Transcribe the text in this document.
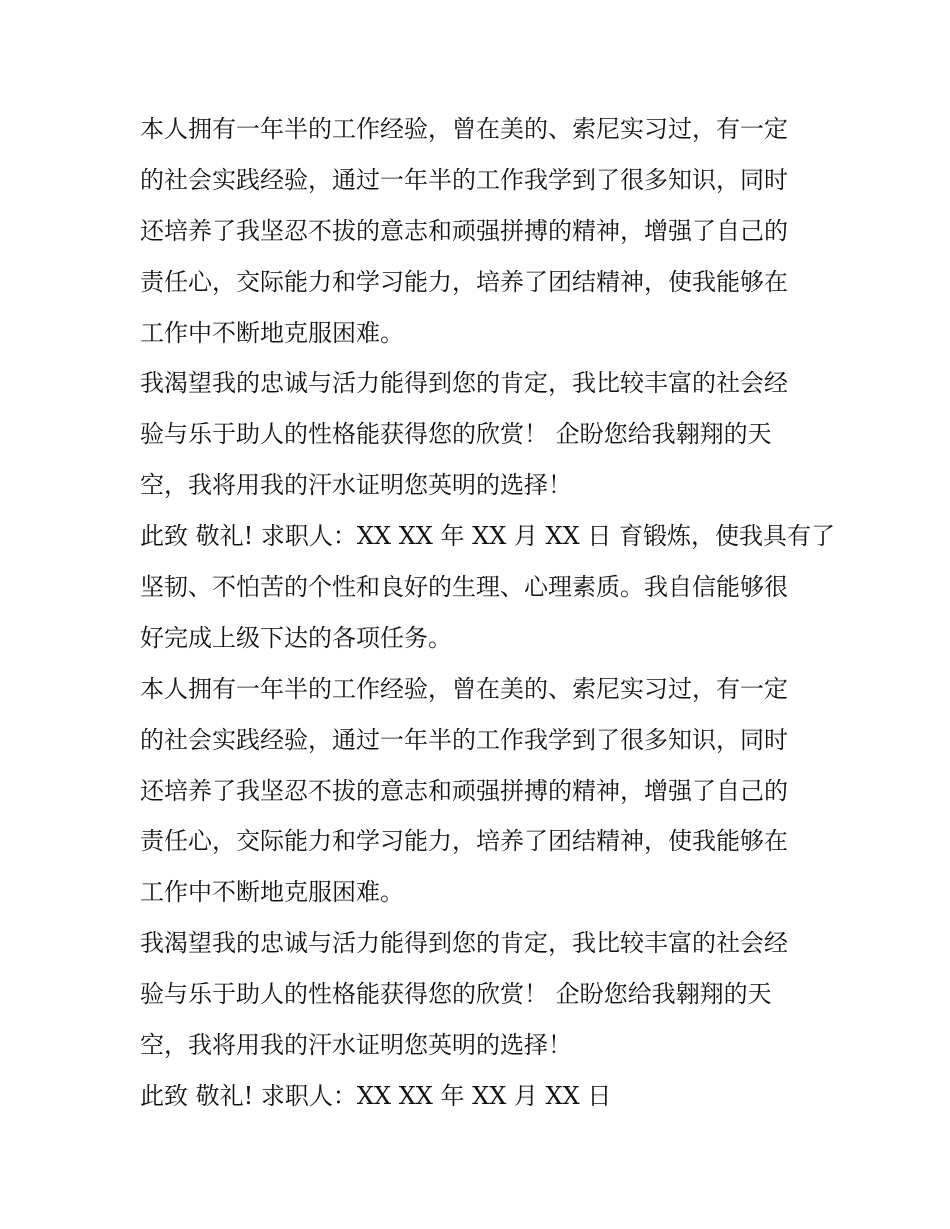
本人拥有一年半的工作经验，曾在美的、索尼实习过，有一定
的社会实践经验，通过一年半的工作我学到了很多知识，同时
还培养了我坚忍不拔的意志和顽强拼搏的精神，增强了自己的
责任心，交际能力和学习能力，培养了团结精神，使我能够在
工作中不断地克服困难。
我渴望我的忠诚与活力能得到您的肯定，我比较丰富的社会经
验与乐于助人的性格能获得您的欣赏！ 企盼您给我翱翔的天
空，我将用我的汗水证明您英明的选择！
此致 敬礼! 求职人：XX XX 年 XX 月 XX 日 育锻炼，使我具有了
坚韧、不怕苦的个性和良好的生理、心理素质。我自信能够很
好完成上级下达的各项任务。
本人拥有一年半的工作经验，曾在美的、索尼实习过，有一定
的社会实践经验，通过一年半的工作我学到了很多知识，同时
还培养了我坚忍不拔的意志和顽强拼搏的精神，增强了自己的
责任心，交际能力和学习能力，培养了团结精神，使我能够在
工作中不断地克服困难。
我渴望我的忠诚与活力能得到您的肯定，我比较丰富的社会经
验与乐于助人的性格能获得您的欣赏！ 企盼您给我翱翔的天
空，我将用我的汗水证明您英明的选择！
此致 敬礼! 求职人：XX XX 年 XX 月 XX 日
